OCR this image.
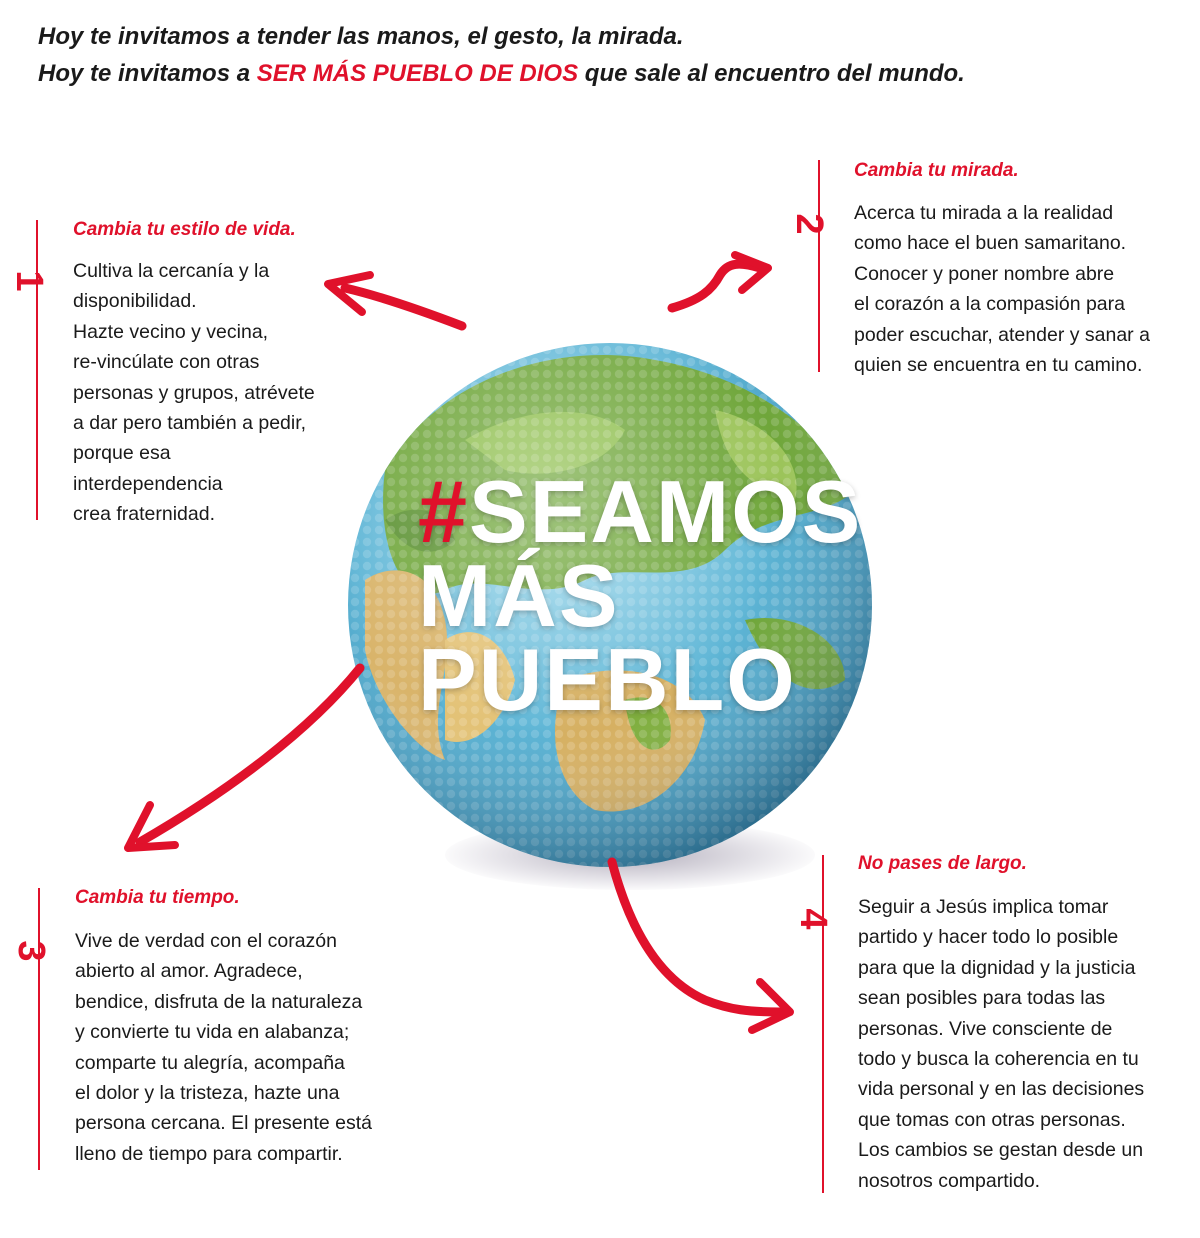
Hoy te invitamos a tender las manos, el gesto, la mirada.

Hoy te invitamos a SER MÁS PUEBLO DE DIOS que sale al encuentro del mundo.

#SEAMOS
MÁS
PUEBLO
1
Cambia tu estilo de vida.
Cultiva la cercanía y la
disponibilidad.
Hazte vecino y vecina,
re-vincúlate con otras
personas y grupos, atrévete
a dar pero también a pedir,
porque esa
interdependencia
crea fraternidad.
2
Cambia tu mirada.
Acerca tu mirada a la realidad
como hace el buen samaritano.
Conocer y poner nombre abre
el corazón a la compasión para
poder escuchar, atender y sanar a
quien se encuentra en tu camino.
3
Cambia tu tiempo.
Vive de verdad con el corazón
abierto al amor. Agradece,
bendice, disfruta de la naturaleza
y convierte tu vida en alabanza;
comparte tu alegría, acompaña
el dolor y la tristeza, hazte una
persona cercana. El presente está
lleno de tiempo para compartir.
4
No pases de largo.
Seguir a Jesús implica tomar
partido y hacer todo lo posible
para que la dignidad y la justicia
sean posibles para todas las
personas. Vive consciente de
todo y busca la coherencia en tu
vida personal y en las decisiones
que tomas con otras personas.
Los cambios se gestan desde un
nosotros compartido.
